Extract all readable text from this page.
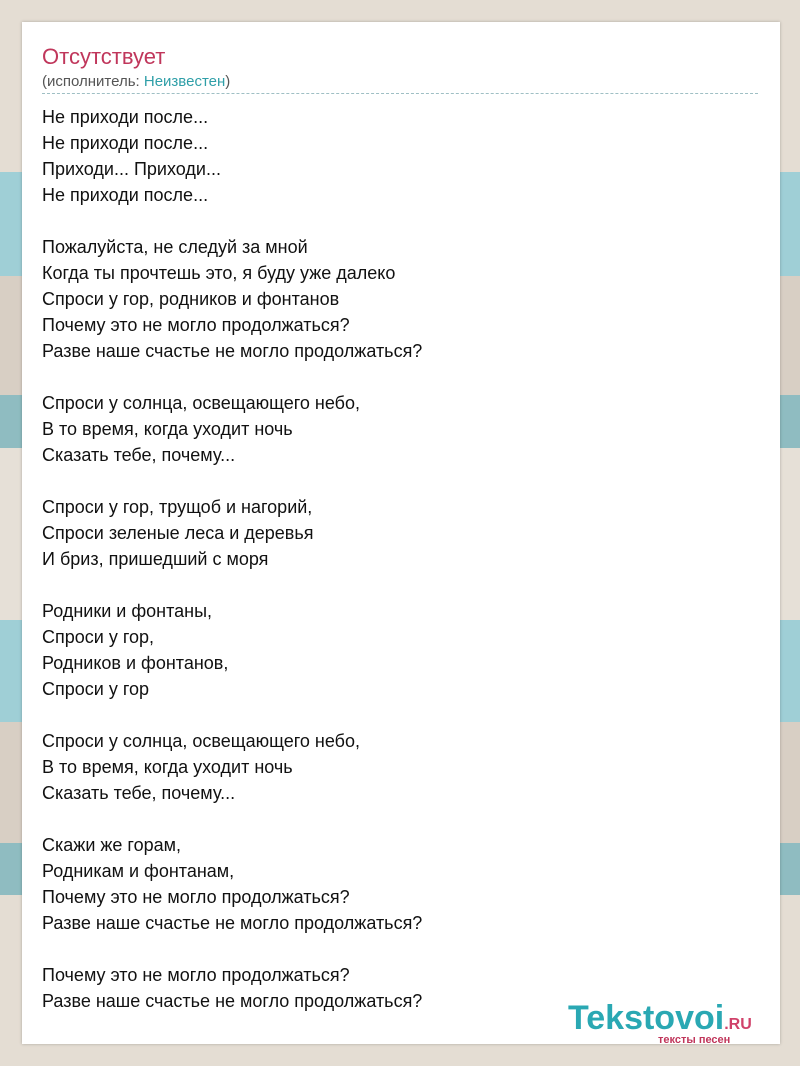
Отсутствует
(исполнитель: Неизвестен)
Не приходи после...
Не приходи после...
Приходи... Приходи...
Не приходи после...
Пожалуйста, не следуй за мной
Когда ты прочтешь это, я буду уже далеко
Спроси у гор, родников и фонтанов
Почему это не могло продолжаться?
Разве наше счастье не могло продолжаться?
Спроси у солнца, освещающего небо,
В то время, когда уходит ночь
Сказать тебе, почему...
Спроси у гор, трущоб и нагорий,
Спроси зеленые леса и деревья
И бриз, пришедший с моря
Родники и фонтаны,
Спроси у гор,
Родников и фонтанов,
Спроси у гор
Спроси у солнца, освещающего небо,
В то время, когда уходит ночь
Сказать тебе, почему...
Скажи же горам,
Родникам и фонтанам,
Почему это не могло продолжаться?
Разве наше счастье не могло продолжаться?
Почему это не могло продолжаться?
Разве наше счастье не могло продолжаться?	Tekstovoi.RU
тексты песен
